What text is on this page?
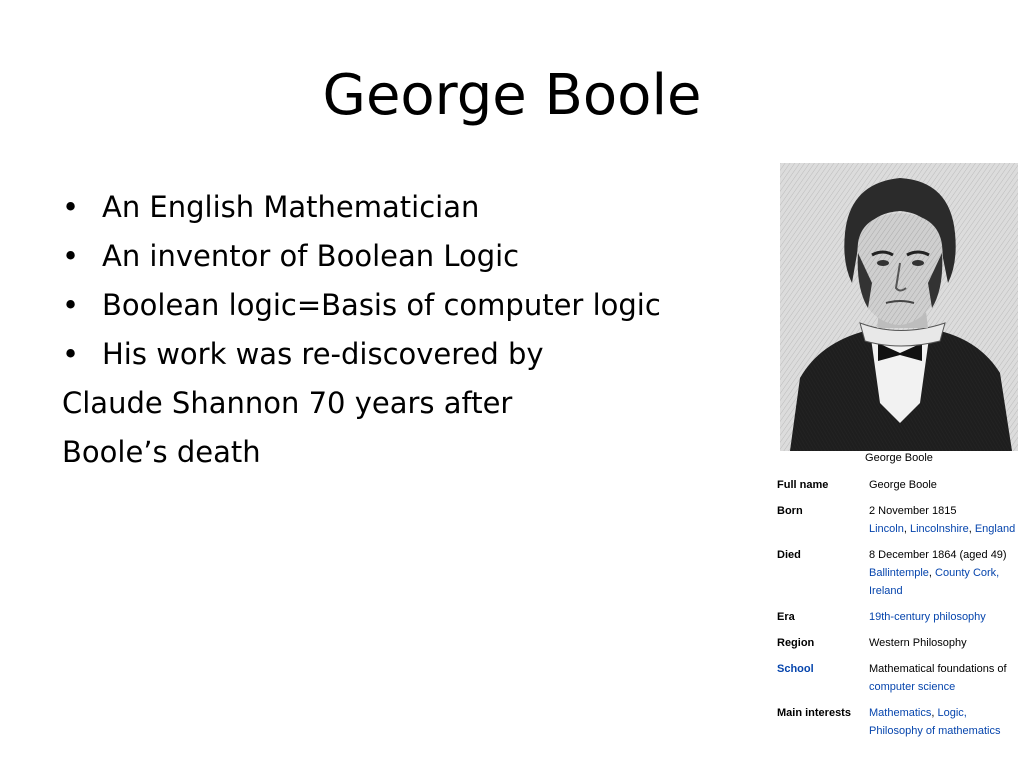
George Boole
• An English Mathematician
• An inventor of Boolean Logic
• Boolean logic=Basis of computer logic
• His work was re-discovered by
Claude Shannon 70 years after
Boole’s death	George Boole
Full name	George Boole
Born	2 November 1815
Lincoln, Lincolnshire, England
Died	8 December 1864 (aged 49)
Ballintemple, County Cork,
Ireland
Era	19th-century philosophy
Region	Western Philosophy
School	Mathematical foundations of
computer science
Main interests	Mathematics, Logic,
Philosophy of mathematics
